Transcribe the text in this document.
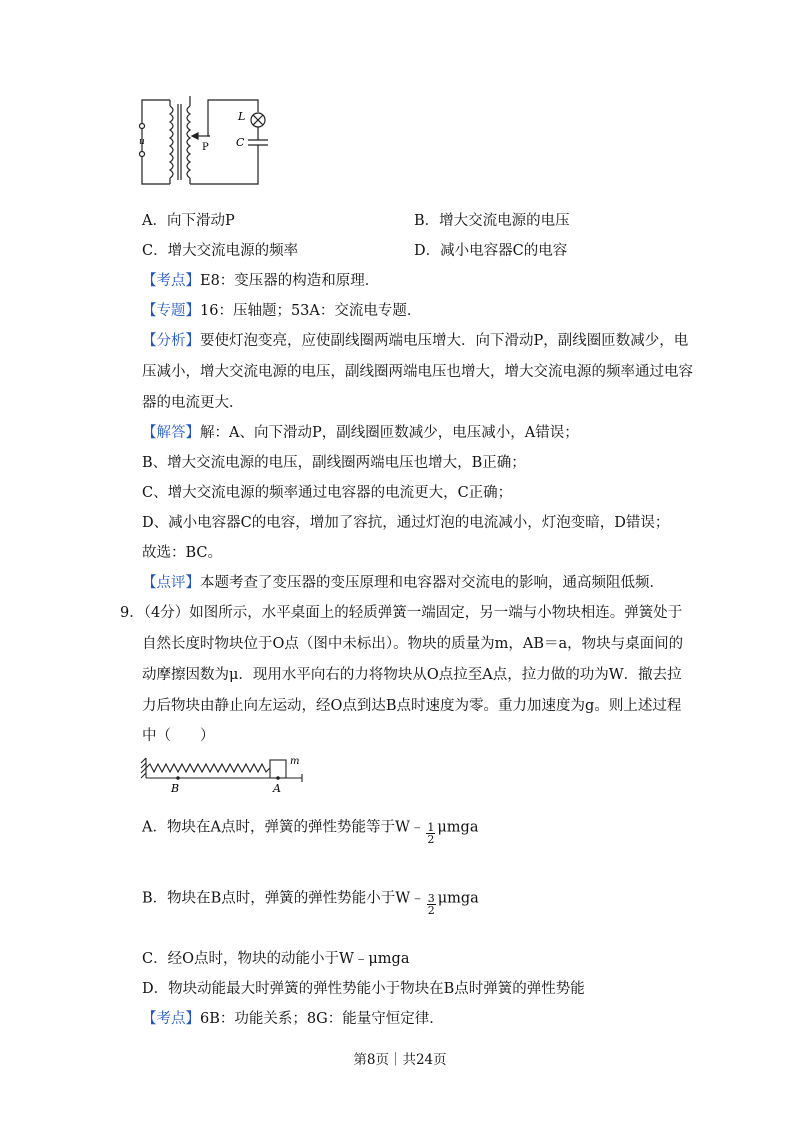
L
C
P
u
A．向下滑动P	B．增大交流电源的电压
C．增大交流电源的频率	D．减小电容器C的电容
【考点】E8：变压器的构造和原理．
【专题】16：压轴题；53A：交流电专题．
【分析】要使灯泡变亮，应使副线圈两端电压增大．向下滑动P，副线圈匝数减少，电
压减小，增大交流电源的电压，副线圈两端电压也增大，增大交流电源的频率通过电容
器的电流更大．
【解答】解：A、向下滑动P，副线圈匝数减少，电压减小，A错误；
B、增大交流电源的电压，副线圈两端电压也增大，B正确；
C、增大交流电源的频率通过电容器的电流更大，C正确；
D、减小电容器C的电容，增加了容抗，通过灯泡的电流减小，灯泡变暗，D错误；
故选：BC。
【点评】本题考查了变压器的变压原理和电容器对交流电的影响，通高频阻低频．
9．（4分）如图所示，水平桌面上的轻质弹簧一端固定，另一端与小物块相连。弹簧处于
自然长度时物块位于O点（图中未标出）。物块的质量为m，AB＝a，物块与桌面间的
动摩擦因数为μ．现用水平向右的力将物块从O点拉至A点，拉力做的功为W．撤去拉
力后物块由静止向左运动，经O点到达B点时速度为零。重力加速度为g。则上述过程
中（　　）
B	A
m
A．物块在A点时，弹簧的弹性势能等于W﹣ $\frac{1}{2}$ μmga
B．物块在B点时，弹簧的弹性势能小于W﹣ $\frac{3}{2}$ μmga
C．经O点时，物块的动能小于W﹣μmga
D．物块动能最大时弹簧的弹性势能小于物块在B点时弹簧的弹性势能
【考点】6B：功能关系；8G：能量守恒定律．
第8页｜共24页
